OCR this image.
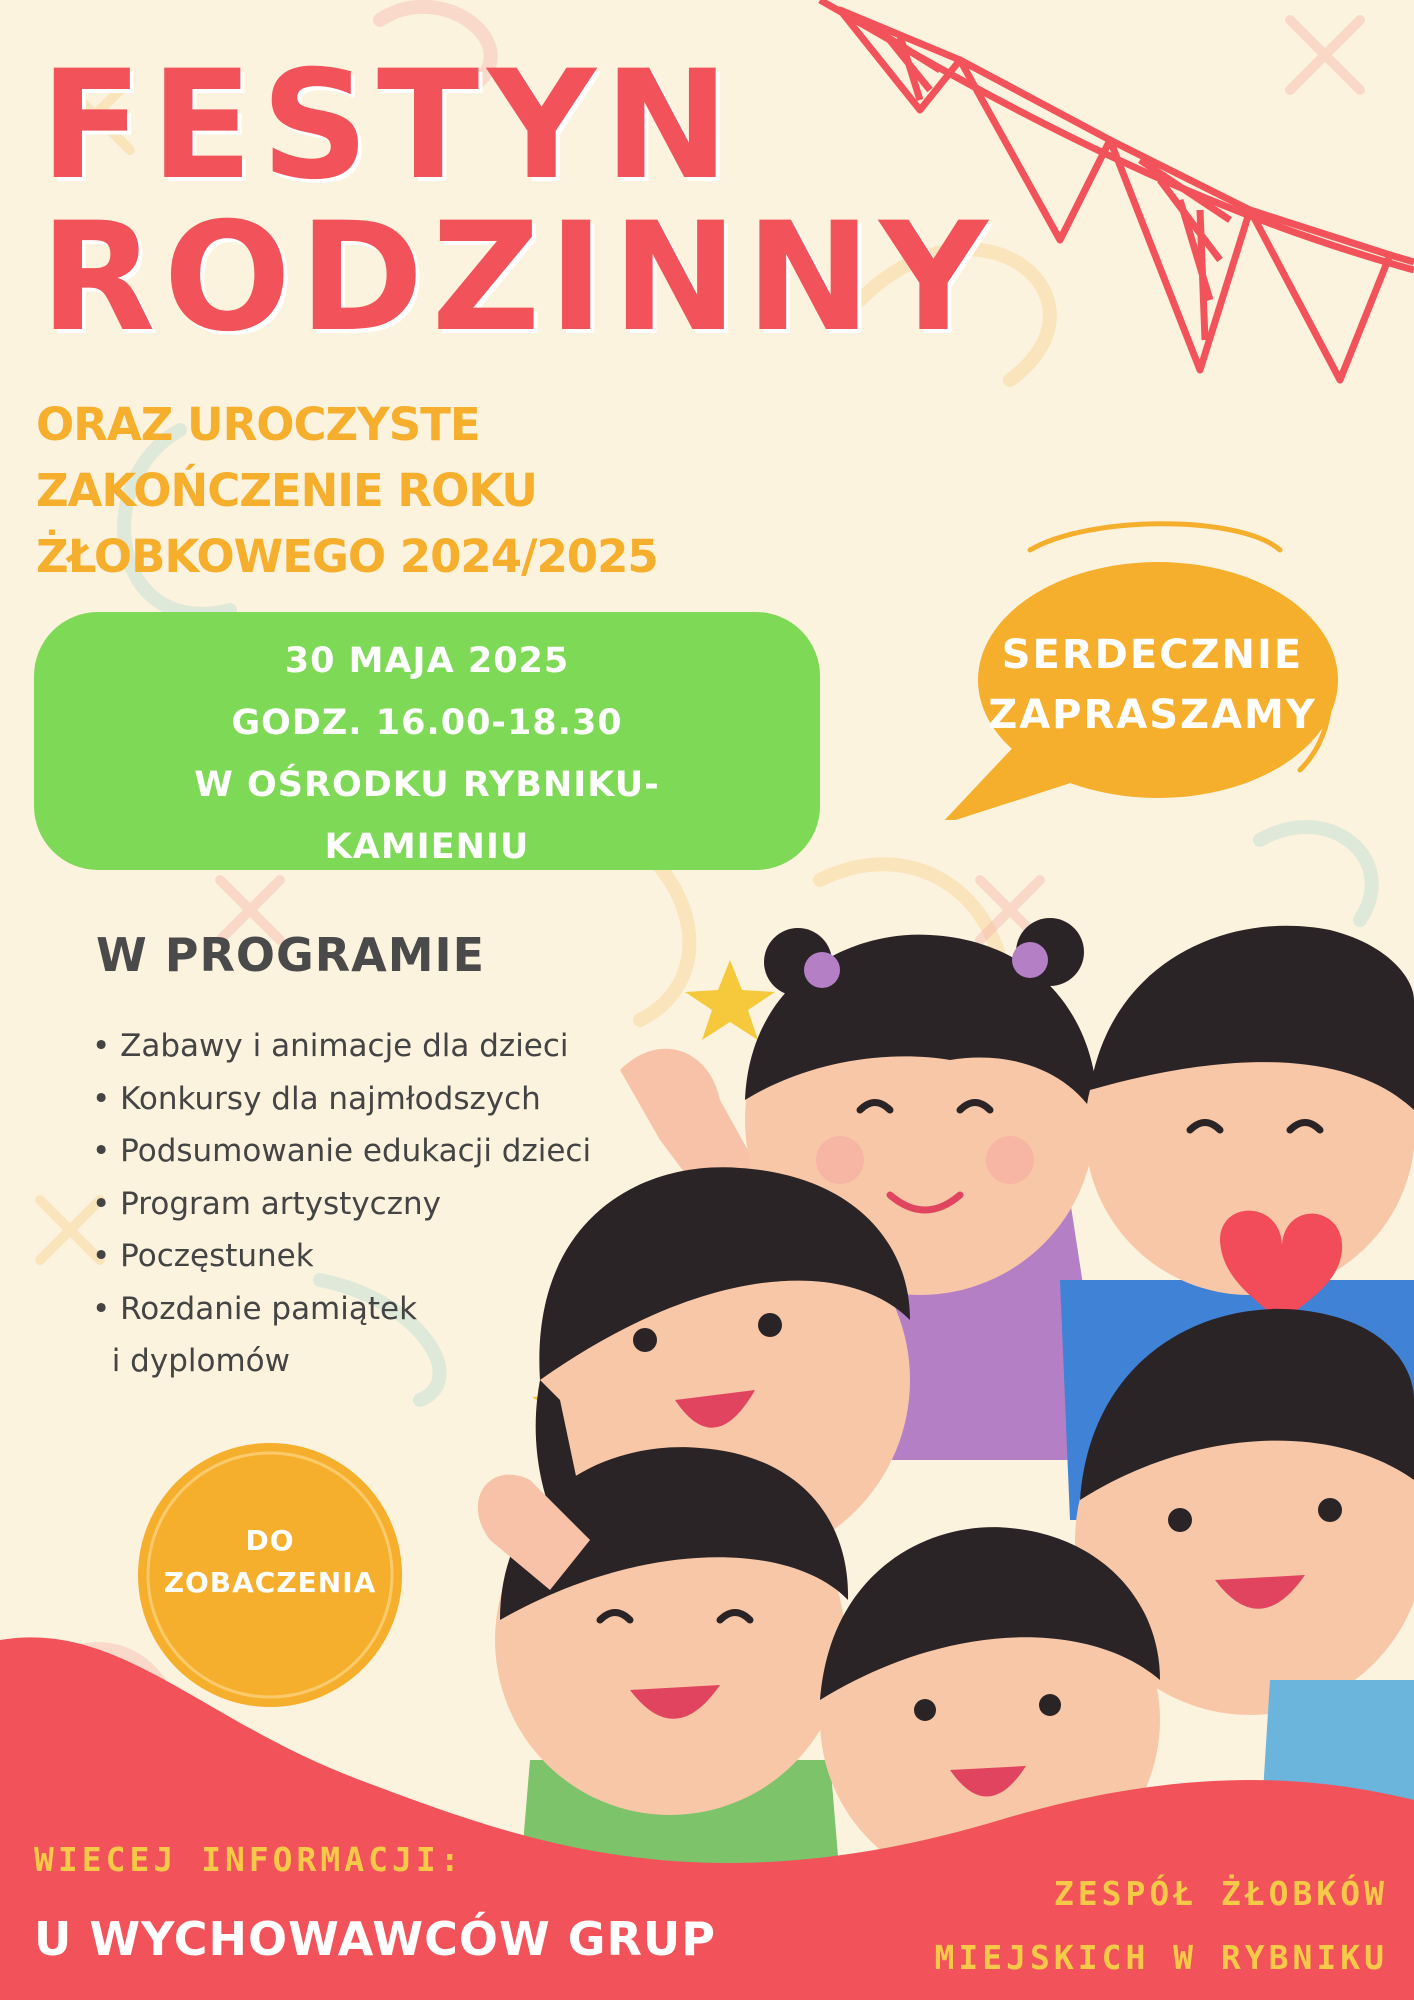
FESTYN
RODZINNY
ORAZ UROCZYSTE
ZAKOŃCZENIE ROKU
ŻŁOBKOWEGO 2024/2025
30 MAJA 2025
GODZ. 16.00-18.30
W OŚRODKU RYBNIKU-
KAMIENIU
SERDECZNIE
ZAPRASZAMY
W PROGRAMIE
• Zabawy i animacje dla dzieci
• Konkursy dla najmłodszych
• Podsumowanie edukacji dzieci
• Program artystyczny
• Poczęstunek
• Rozdanie pamiątek
i dyplomów
DO
ZOBACZENIA
WIECEJ INFORMACJI:
U WYCHOWAWCÓW GRUP
ZESPÓŁ ŻŁOBKÓW
MIEJSKICH W RYBNIKU
